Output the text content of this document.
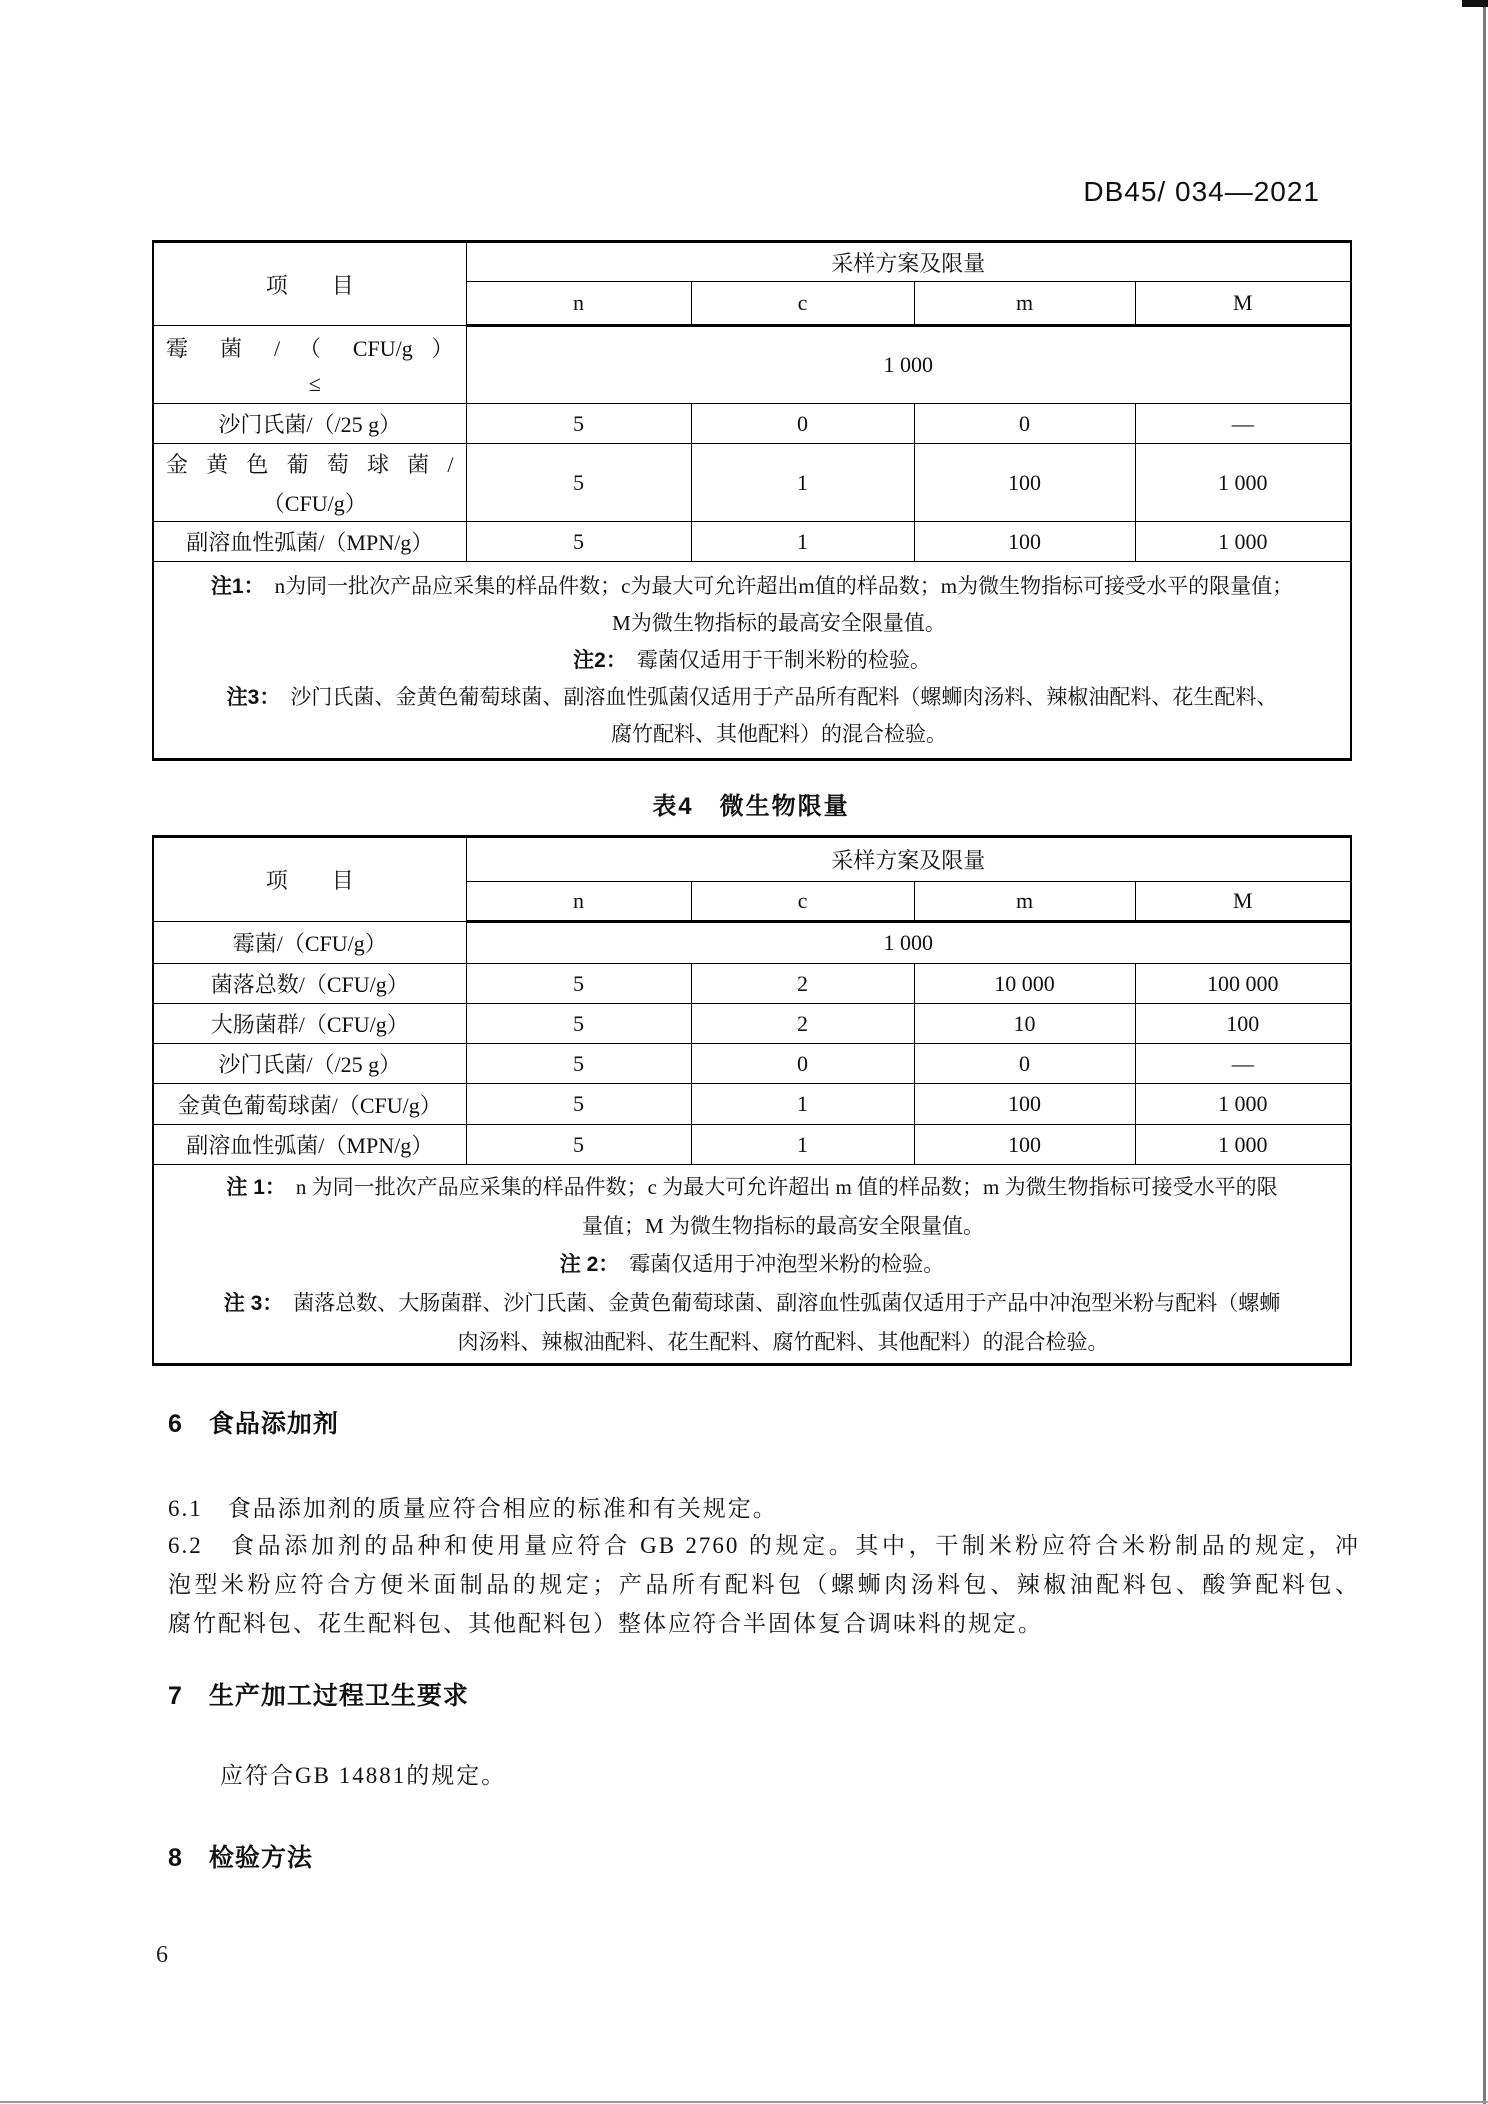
DB45/ 034—2021
项　　目	采样方案及限量			
	n	c	m	M

霉 菌 / （ CFU/g ）
≤	1 000			
沙门氏菌/（/25 g）	5	0	0	—

金 黄 色 葡 萄 球 菌 /
（CFU/g）	5	1	100	1 000
副溶血性弧菌/（MPN/g）	5	1	100	1 000

注1： n为同一批次产品应采集的样品件数；c为最大可允许超出m值的样品数；m为微生物指标可接受水平的限量值；
M为微生物指标的最高安全限量值。
注2： 霉菌仅适用于干制米粉的检验。
注3： 沙门氏菌、金黄色葡萄球菌、副溶血性弧菌仅适用于产品所有配料（螺蛳肉汤料、辣椒油配料、花生配料、
腐竹配料、其他配料）的混合检验。				
表4　微生物限量
项　　目	采样方案及限量			
	n	c	m	M
霉菌/（CFU/g）	1 000			
菌落总数/（CFU/g）	5	2	10 000	100 000
大肠菌群/（CFU/g）	5	2	10	100
沙门氏菌/（/25 g）	5	0	0	—
金黄色葡萄球菌/（CFU/g）	5	1	100	1 000
副溶血性弧菌/（MPN/g）	5	1	100	1 000

注 1： n 为同一批次产品应采集的样品件数；c 为最大可允许超出 m 值的样品数；m 为微生物指标可接受水平的限
量值；M 为微生物指标的最高安全限量值。
注 2： 霉菌仅适用于冲泡型米粉的检验。
注 3： 菌落总数、大肠菌群、沙门氏菌、金黄色葡萄球菌、副溶血性弧菌仅适用于产品中冲泡型米粉与配料（螺蛳
肉汤料、辣椒油配料、花生配料、腐竹配料、其他配料）的混合检验。				
6　食品添加剂
6.1　食品添加剂的质量应符合相应的标准和有关规定。
6.2　食品添加剂的品种和使用量应符合 GB 2760 的规定。其中，干制米粉应符合米粉制品的规定，冲
泡型米粉应符合方便米面制品的规定；产品所有配料包（螺蛳肉汤料包、辣椒油配料包、酸笋配料包、
腐竹配料包、花生配料包、其他配料包）整体应符合半固体复合调味料的规定。
7　生产加工过程卫生要求
应符合GB 14881的规定。
8　检验方法
6
